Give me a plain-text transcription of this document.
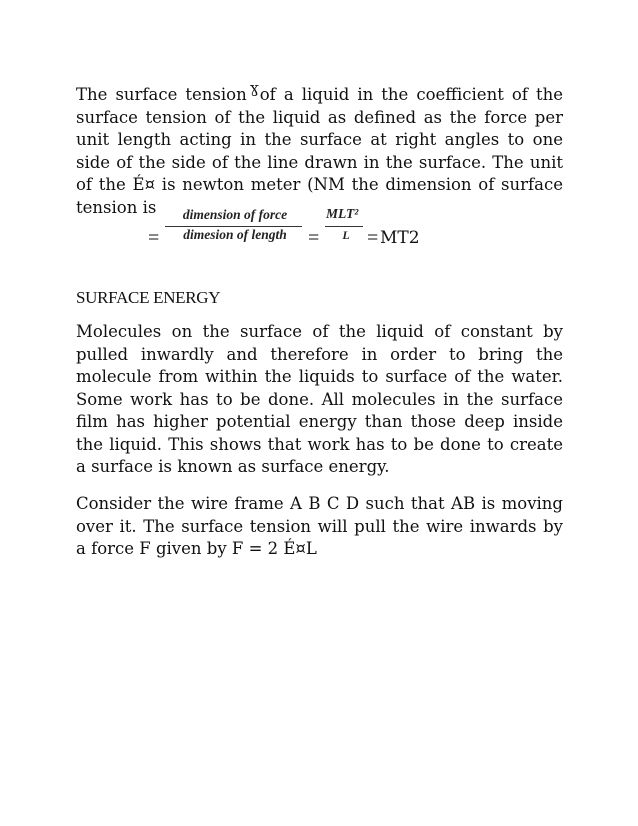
The surface tension ɣof a liquid in the coefficient of the surface tension of the liquid as defined as the force per unit length acting in the surface at right angles to one side of the side of the line drawn in the surface. The unit of the É¤ is newton meter (NM the dimension of surface tension is
=
dimension of force
dimesion of length	=
MLT²
L = MT2
SURFACE ENERGY
Molecules on the surface of the liquid of constant by pulled inwardly and therefore in order to bring the molecule from within the liquids to surface of the water. Some work has to be done. All molecules in the surface film has higher potential energy than those deep inside the liquid. This shows that work has to be done to create a surface is known as surface energy.
Consider the wire frame A B C D such that AB is moving over it. The surface tension will pull the wire inwards by a force F given by F = 2 É¤L
